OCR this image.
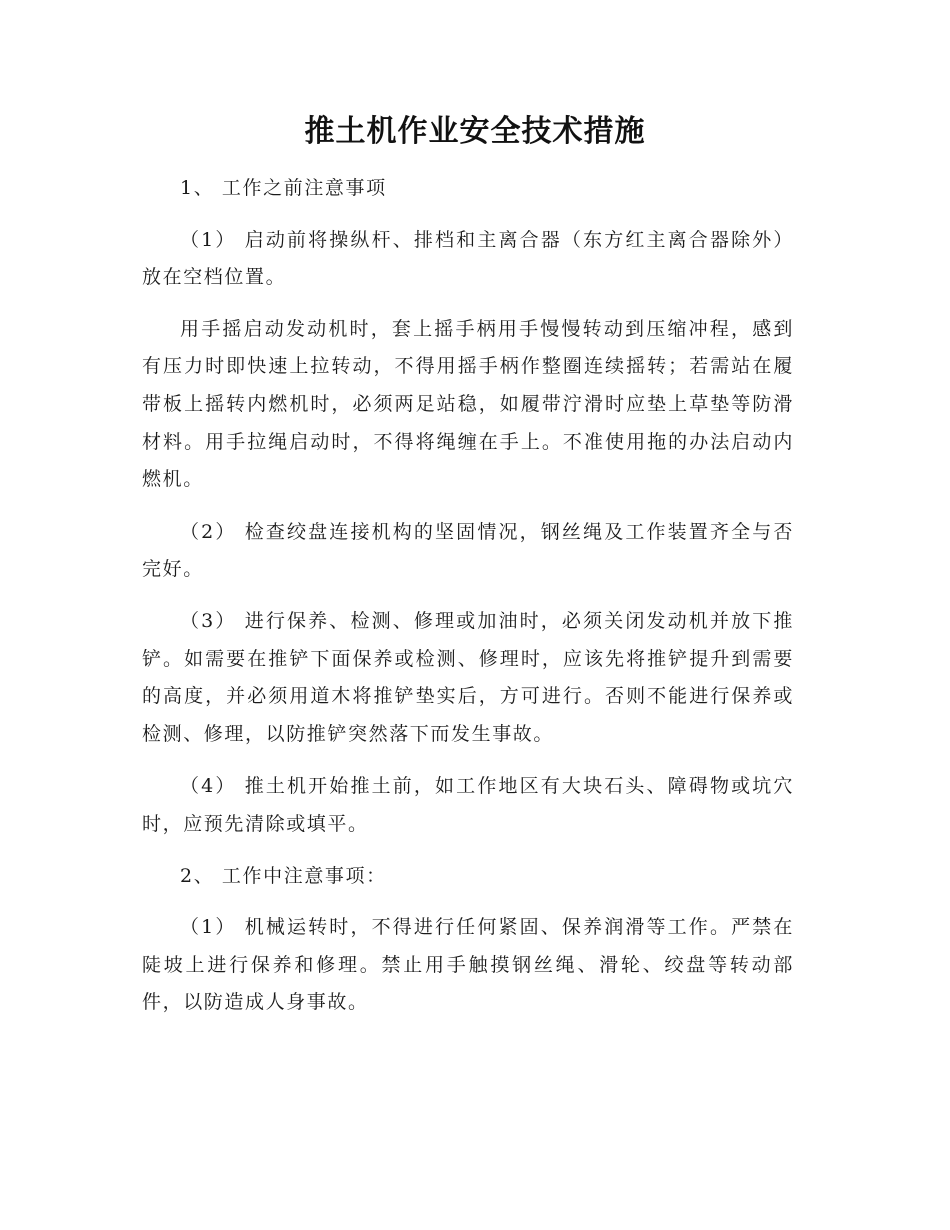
推土机作业安全技术措施

1、 工作之前注意事项

（1） 启动前将操纵杆、排档和主离合器（东方红主离合器除外）放在空档位置。

用手摇启动发动机时，套上摇手柄用手慢慢转动到压缩冲程，感到有压力时即快速上拉转动，不得用摇手柄作整圈连续摇转；若需站在履带板上摇转内燃机时，必须两足站稳，如履带泞滑时应垫上草垫等防滑材料。用手拉绳启动时，不得将绳缠在手上。不准使用拖的办法启动内燃机。

（2） 检查绞盘连接机构的坚固情况，钢丝绳及工作装置齐全与否完好。

（3） 进行保养、检测、修理或加油时，必须关闭发动机并放下推铲。如需要在推铲下面保养或检测、修理时，应该先将推铲提升到需要的高度，并必须用道木将推铲垫实后，方可进行。否则不能进行保养或检测、修理，以防推铲突然落下而发生事故。

（4） 推土机开始推土前，如工作地区有大块石头、障碍物或坑穴时，应预先清除或填平。

2、 工作中注意事项：

（1） 机械运转时，不得进行任何紧固、保养润滑等工作。严禁在陡坡上进行保养和修理。禁止用手触摸钢丝绳、滑轮、绞盘等转动部件，以防造成人身事故。
